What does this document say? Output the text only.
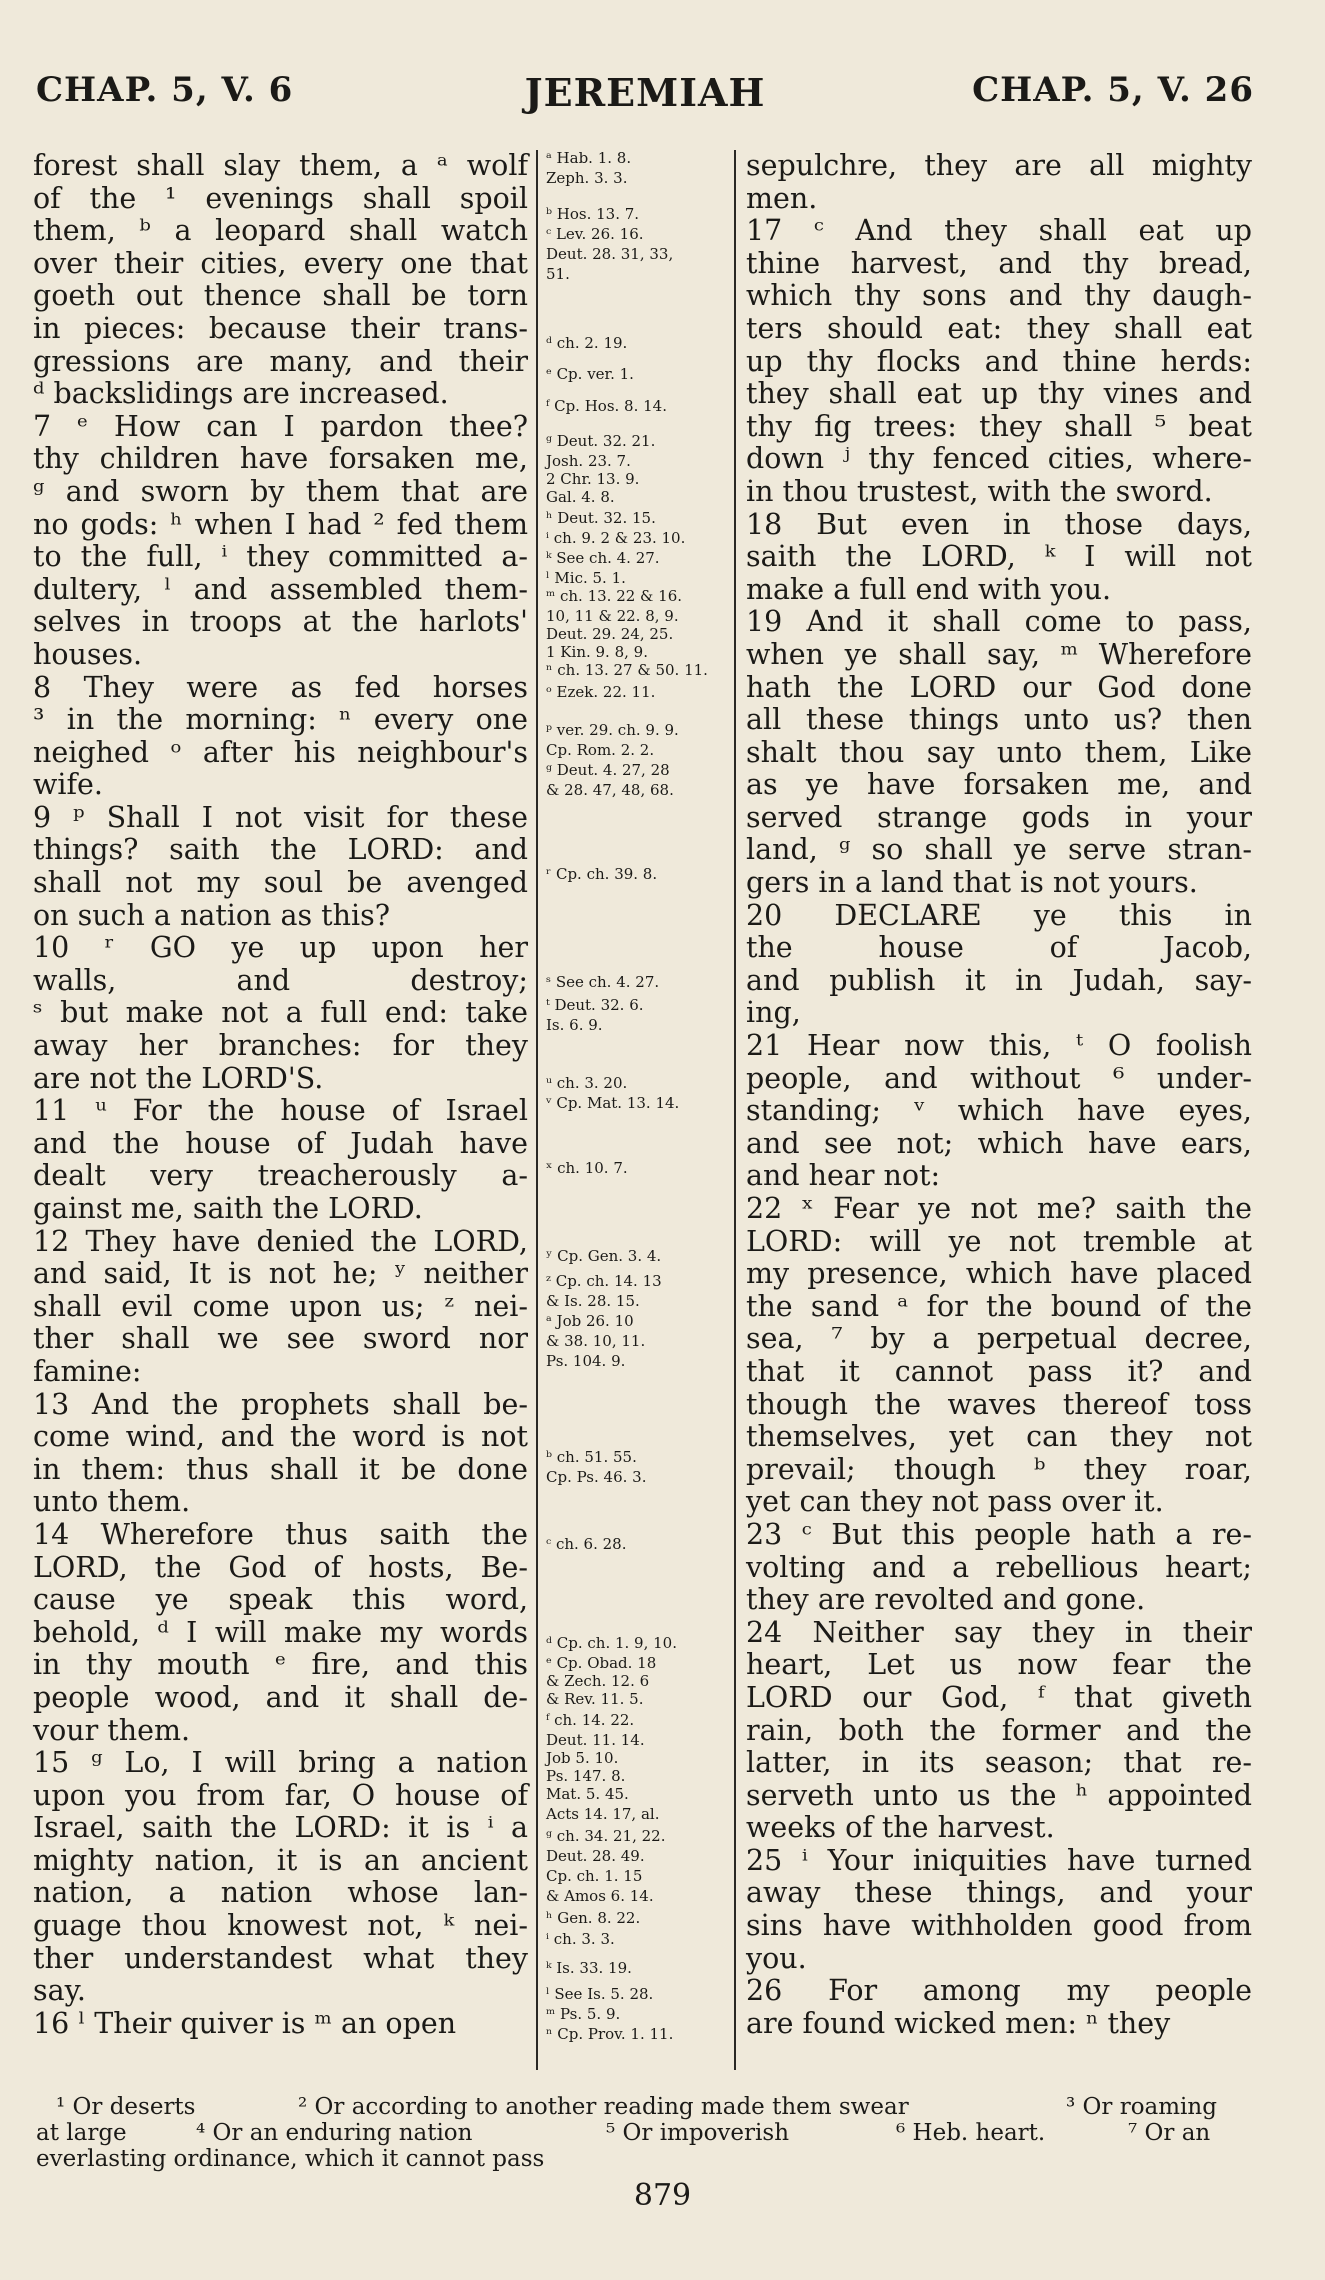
CHAP. 5, V. 6	JEREMIAH	CHAP. 5, V. 26

forest shall slay them, a ᵃ wolf

of the ¹ evenings shall spoil

them, ᵇ a leopard shall watch

over their cities, every one that

goeth out thence shall be torn

in pieces: because their trans-

gressions are many, and their

ᵈ backslidings are increased.

7 ᵉ How can I pardon thee?

thy children have forsaken me,

ᵍ and sworn by them that are

no gods: ʰ when I had ² fed them

to the full, ⁱ they committed a-

dultery, ˡ and assembled them-

selves in troops at the harlots'

houses.

8 They were as fed horses

³ in the morning: ⁿ every one

neighed ᵒ after his neighbour's

wife.

9 ᵖ Shall I not visit for these

things? saith the LORD: and

shall not my soul be avenged

on such a nation as this?

10 ʳ GO ye up upon her

walls, and destroy;

ˢ but make not a full end: take

away her branches: for they

are not the LORD'S.

11 ᵘ For the house of Israel

and the house of Judah have

dealt very treacherously a-

gainst me, saith the LORD.

12 They have denied the LORD,

and said, It is not he; ʸ neither

shall evil come upon us; ᶻ nei-

ther shall we see sword nor

famine:

13 And the prophets shall be-

come wind, and the word is not

in them: thus shall it be done

unto them.

14 Wherefore thus saith the

LORD, the God of hosts, Be-

cause ye speak this word,

behold, ᵈ I will make my words

in thy mouth ᵉ fire, and this

people wood, and it shall de-

vour them.

15 ᵍ Lo, I will bring a nation

upon you from far, O house of

Israel, saith the LORD: it is ⁱ a

mighty nation, it is an ancient

nation, a nation whose lan-

guage thou knowest not, ᵏ nei-

ther understandest what they

say.

16 ˡ Their quiver is ᵐ an open

ᵃ Hab. 1. 8.
Zeph. 3. 3.
ᵇ Hos. 13. 7.
ᶜ Lev. 26. 16.
Deut. 28. 31, 33,
51.
ᵈ ch. 2. 19.
ᵉ Cp. ver. 1.
ᶠ Cp. Hos. 8. 14.
ᵍ Deut. 32. 21.
Josh. 23. 7.
2 Chr. 13. 9.
Gal. 4. 8.
ʰ Deut. 32. 15.
ⁱ ch. 9. 2 & 23. 10.
ᵏ See ch. 4. 27.
ˡ Mic. 5. 1.
ᵐ ch. 13. 22 & 16.
10, 11 & 22. 8, 9.
Deut. 29. 24, 25.
1 Kin. 9. 8, 9.
ⁿ ch. 13. 27 & 50. 11.
ᵒ Ezek. 22. 11.
ᵖ ver. 29. ch. 9. 9.
Cp. Rom. 2. 2.
ᵍ Deut. 4. 27, 28
& 28. 47, 48, 68.
ʳ Cp. ch. 39. 8.
ˢ See ch. 4. 27.
ᵗ Deut. 32. 6.
Is. 6. 9.
ᵘ ch. 3. 20.
ᵛ Cp. Mat. 13. 14.
ˣ ch. 10. 7.
ʸ Cp. Gen. 3. 4.
ᶻ Cp. ch. 14. 13
& Is. 28. 15.
ᵃ Job 26. 10
& 38. 10, 11.
Ps. 104. 9.
ᵇ ch. 51. 55.
Cp. Ps. 46. 3.
ᶜ ch. 6. 28.
ᵈ Cp. ch. 1. 9, 10.
ᵉ Cp. Obad. 18
& Zech. 12. 6
& Rev. 11. 5.
ᶠ ch. 14. 22.
Deut. 11. 14.
Job 5. 10.
Ps. 147. 8.
Mat. 5. 45.
Acts 14. 17, al.
ᵍ ch. 34. 21, 22.
Deut. 28. 49.
Cp. ch. 1. 15
& Amos 6. 14.
ʰ Gen. 8. 22.
ⁱ ch. 3. 3.
ᵏ Is. 33. 19.
ˡ See Is. 5. 28.
ᵐ Ps. 5. 9.
ⁿ Cp. Prov. 1. 11.

sepulchre, they are all mighty

men.

17 ᶜ And they shall eat up

thine harvest, and thy bread,

which thy sons and thy daugh-

ters should eat: they shall eat

up thy flocks and thine herds:

they shall eat up thy vines and

thy fig trees: they shall ⁵ beat

down ʲ thy fenced cities, where-

in thou trustest, with the sword.

18 But even in those days,

saith the LORD, ᵏ I will not

make a full end with you.

19 And it shall come to pass,

when ye shall say, ᵐ Wherefore

hath the LORD our God done

all these things unto us? then

shalt thou say unto them, Like

as ye have forsaken me, and

served strange gods in your

land, ᵍ so shall ye serve stran-

gers in a land that is not yours.

20 DECLARE ye this in

the house of Jacob,

and publish it in Judah, say-

ing,

21 Hear now this, ᵗ O foolish

people, and without ⁶ under-

standing; ᵛ which have eyes,

and see not; which have ears,

and hear not:

22 ˣ Fear ye not me? saith the

LORD: will ye not tremble at

my presence, which have placed

the sand ᵃ for the bound of the

sea, ⁷ by a perpetual decree,

that it cannot pass it? and

though the waves thereof toss

themselves, yet can they not

prevail; though ᵇ they roar,

yet can they not pass over it.

23 ᶜ But this people hath a re-

volting and a rebellious heart;

they are revolted and gone.

24 Neither say they in their

heart, Let us now fear the

LORD our God, ᶠ that giveth

rain, both the former and the

latter, in its season; that re-

serveth unto us the ʰ appointed

weeks of the harvest.

25 ⁱ Your iniquities have turned

away these things, and your

sins have withholden good from

you.

26 For among my people

are found wicked men: ⁿ they

¹ Or deserts	² Or according to another reading made them swear	³ Or roaming
at large	⁴ Or an enduring nation	⁵ Or impoverish	⁶ Heb. heart.	⁷ Or an
everlasting ordinance, which it cannot pass
879
